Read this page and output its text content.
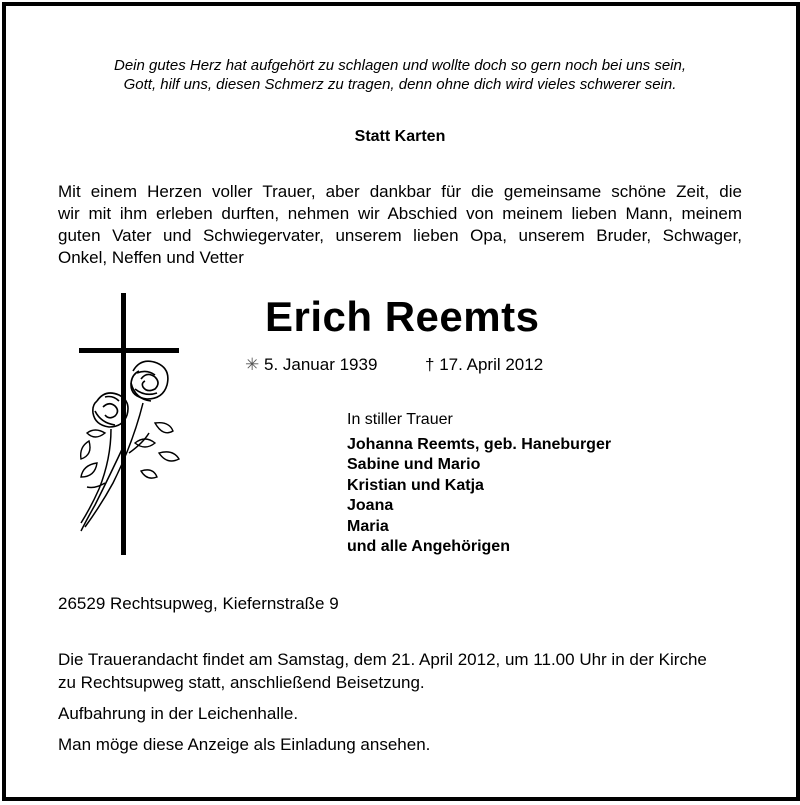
Dein gutes Herz hat aufgehört zu schlagen und wollte doch so gern noch bei uns sein,
Gott, hilf uns, diesen Schmerz zu tragen, denn ohne dich wird vieles schwerer sein.
Statt Karten
Mit einem Herzen voller Trauer, aber dankbar für die gemeinsame schöne Zeit, die
wir mit ihm erleben durften, nehmen wir Abschied von meinem lieben Mann, meinem
guten Vater und Schwiegervater, unserem lieben Opa, unserem Bruder, Schwager,
Onkel, Neffen und Vetter
Erich Reemts
✳ 5. Januar 1939	† 17. April 2012
In stiller Trauer
Johanna Reemts, geb. Haneburger
Sabine und Mario
Kristian und Katja
Joana
Maria
und alle Angehörigen
26529 Rechtsupweg, Kiefernstraße 9
Die Trauerandacht findet am Samstag, dem 21. April 2012, um 11.00 Uhr in der Kirche
zu Rechtsupweg statt, anschließend Beisetzung.
Aufbahrung in der Leichenhalle.
Man möge diese Anzeige als Einladung ansehen.
